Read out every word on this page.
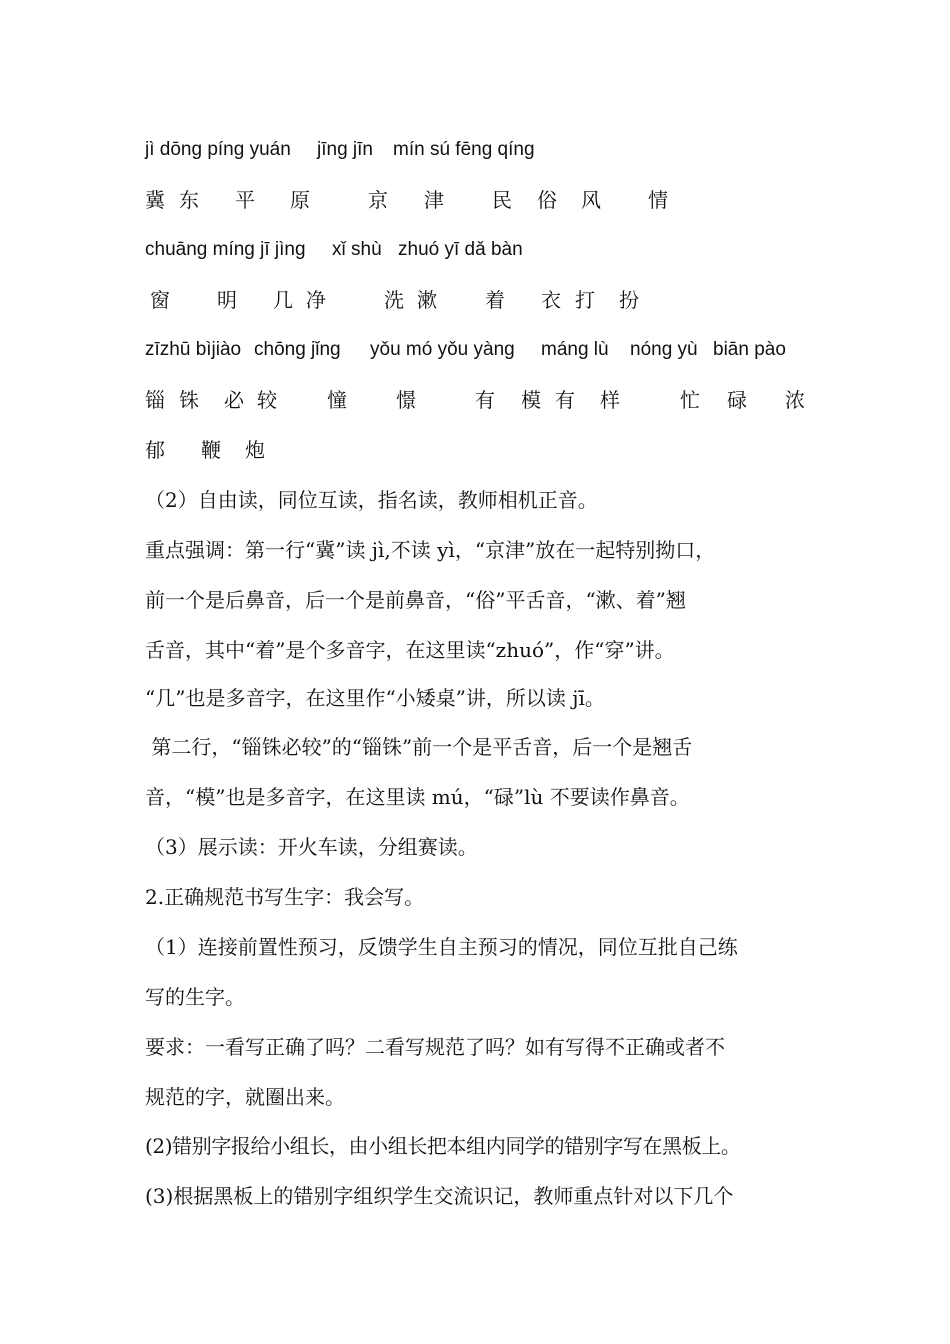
jì dōng píng yuán jīng jīn mín sú fēng qíng
冀 东 平 原	京 津 民 俗 风 情
chuāng míng jī jìng xǐ shù zhuó yī dǎ bàn
窗 明 几 净	洗 漱 着 衣 打 扮
zīzhū bìjiào chōng jǐng yǒu mó yǒu yàng máng lù nóng yù biān pào
锱 铢 必 较	憧 憬	有 模 有 样	忙 碌 浓
郁 鞭 炮
（2）自由读，同位互读，指名读，教师相机正音。
重点强调：第一行“冀”读 jì,不读 yì，“京津”放在一起特别拗口，
前一个是后鼻音，后一个是前鼻音，“俗”平舌音，“漱、着”翘
舌音，其中“着”是个多音字，在这里读“zhuó”，作“穿”讲。
“几”也是多音字，在这里作“小矮桌”讲，所以读 jī。
第二行，“锱铢必较”的“锱铢”前一个是平舌音，后一个是翘舌
音，“模”也是多音字，在这里读 mú，“碌”lù 不要读作鼻音。
（3）展示读：开火车读，分组赛读。
2.正确规范书写生字：我会写。
（1）连接前置性预习，反馈学生自主预习的情况，同位互批自己练
写的生字。
要求：一看写正确了吗？二看写规范了吗？如有写得不正确或者不
规范的字，就圈出来。
(2)错别字报给小组长，由小组长把本组内同学的错别字写在黑板上。
(3)根据黑板上的错别字组织学生交流识记，教师重点针对以下几个
